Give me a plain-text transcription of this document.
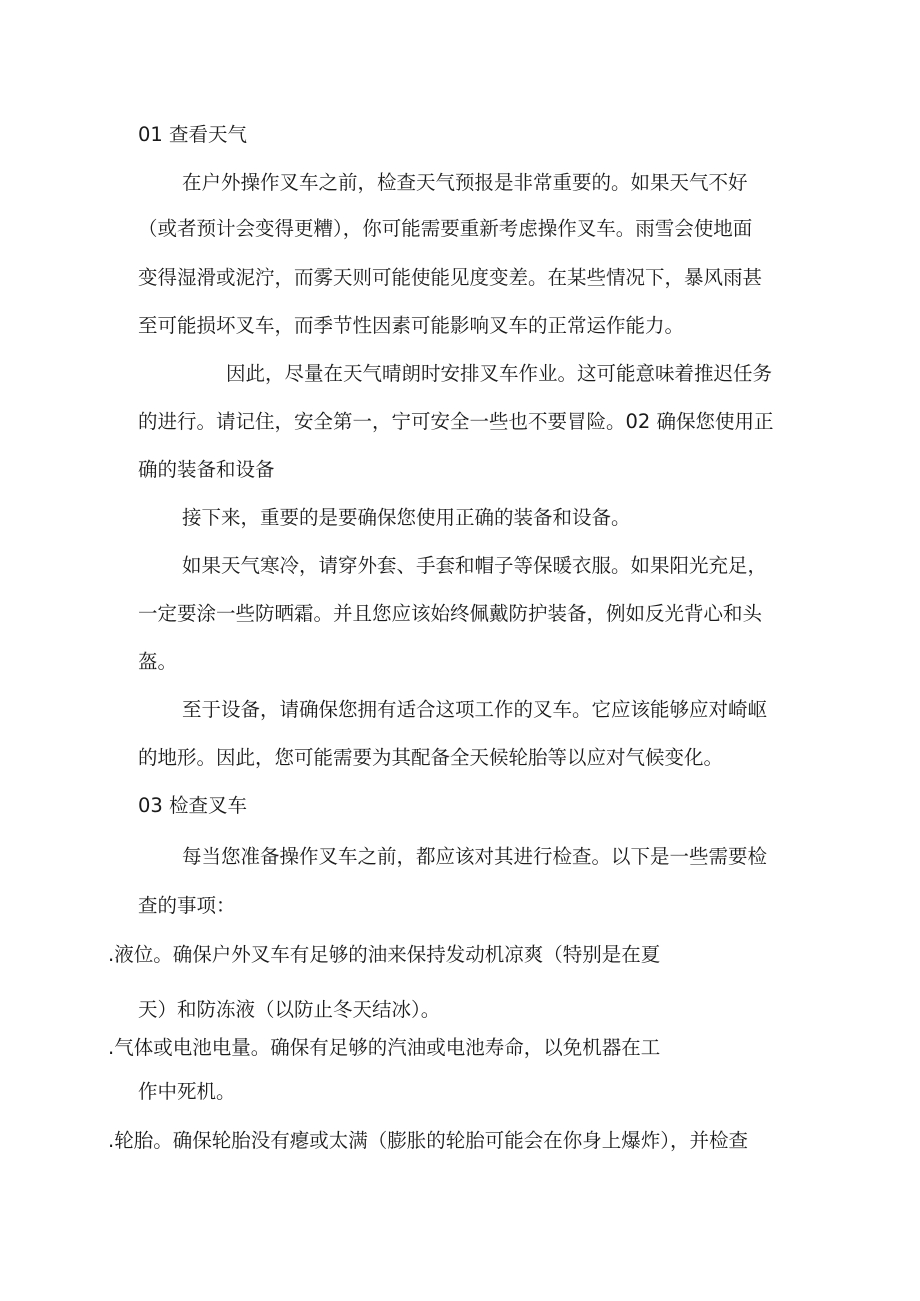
01 查看天气
在户外操作叉车之前，检查天气预报是非常重要的。如果天气不好
（或者预计会变得更糟），你可能需要重新考虑操作叉车。雨雪会使地面
变得湿滑或泥泞，而雾天则可能使能见度变差。在某些情况下，暴风雨甚
至可能损坏叉车，而季节性因素可能影响叉车的正常运作能力。
因此，尽量在天气晴朗时安排叉车作业。这可能意味着推迟任务
的进行。请记住，安全第一，宁可安全一些也不要冒险。02 确保您使用正
确的装备和设备
接下来，重要的是要确保您使用正确的装备和设备。
如果天气寒冷，请穿外套、手套和帽子等保暖衣服。如果阳光充足，
一定要涂一些防晒霜。并且您应该始终佩戴防护装备，例如反光背心和头
盔。
至于设备，请确保您拥有适合这项工作的叉车。它应该能够应对崎岖
的地形。因此，您可能需要为其配备全天候轮胎等以应对气候变化。
03 检查叉车
每当您准备操作叉车之前，都应该对其进行检查。以下是一些需要检
查的事项：
.液位。确保户外叉车有足够的油来保持发动机凉爽（特别是在夏
天）和防冻液（以防止冬天结冰）。
.气体或电池电量。确保有足够的汽油或电池寿命，以免机器在工
作中死机。
.轮胎。确保轮胎没有瘪或太满（膨胀的轮胎可能会在你身上爆炸），并检查
